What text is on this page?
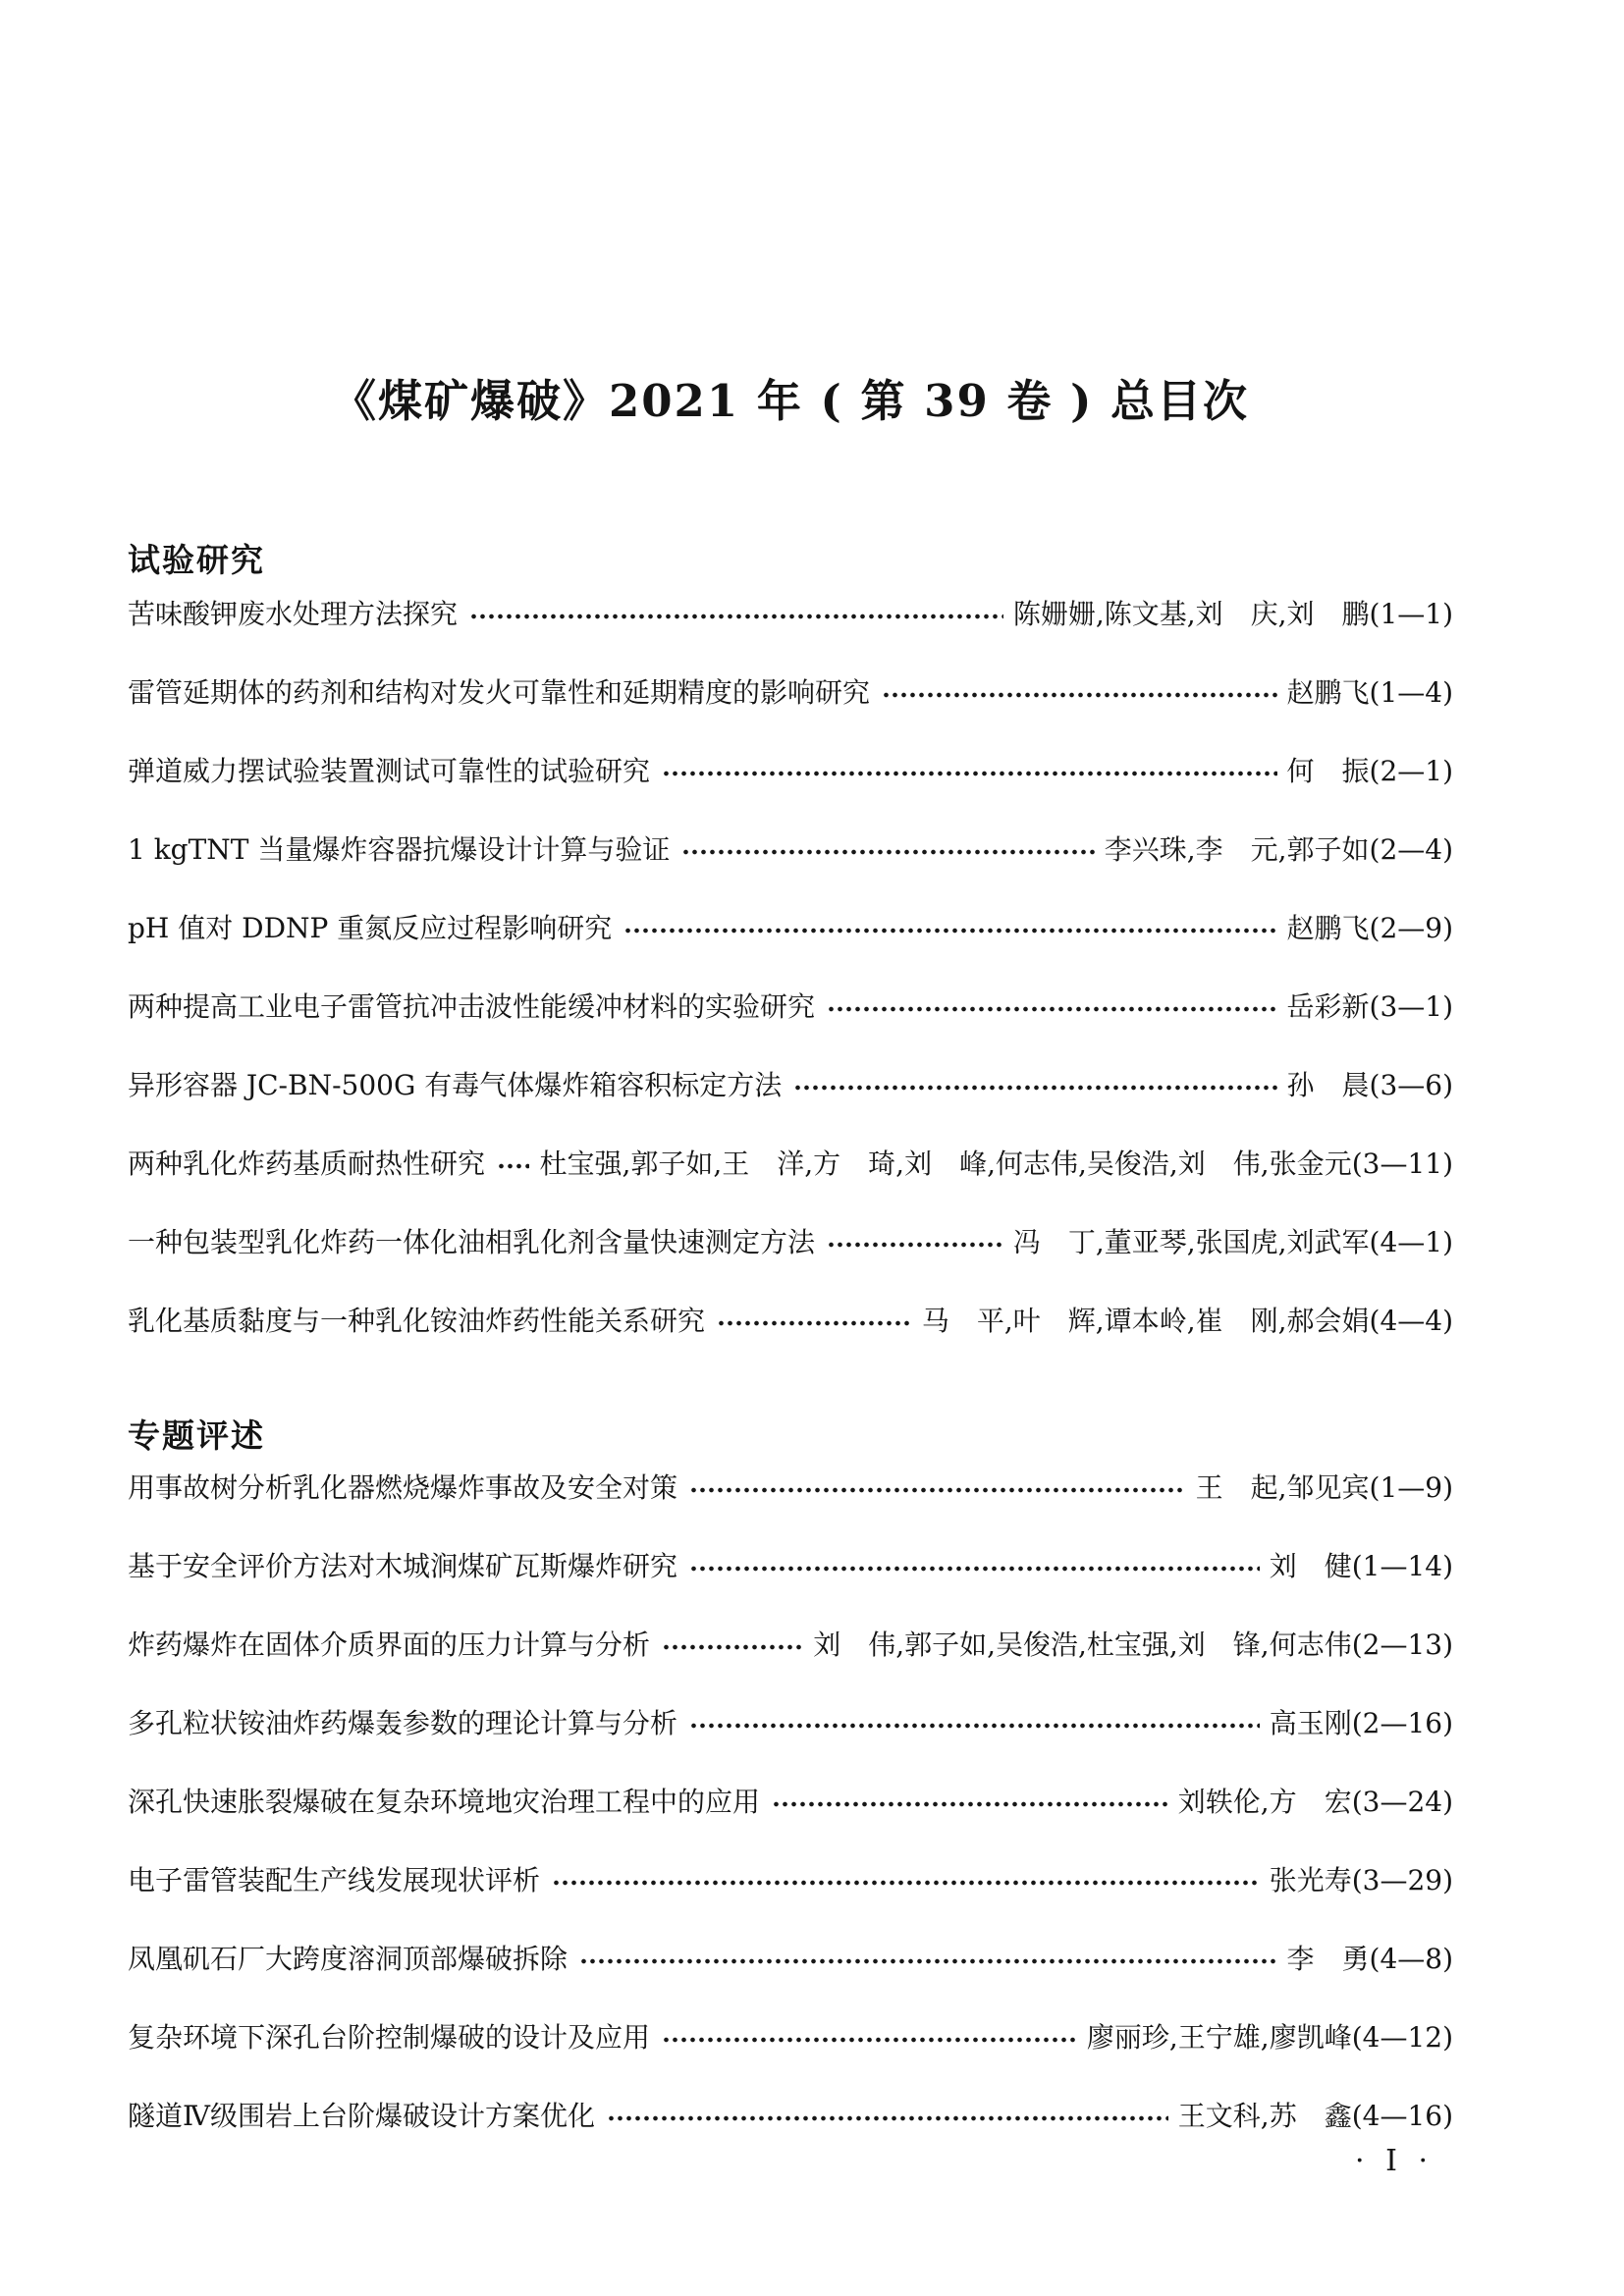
《煤矿爆破》2021 年 ( 第 39 卷 ) 总目次
试验研究
苦味酸钾废水处理方法探究	陈姗姗,陈文基,刘　庆,刘　鹏 (1—1)
雷管延期体的药剂和结构对发火可靠性和延期精度的影响研究	赵鹏飞 (1—4)
弹道威力摆试验装置测试可靠性的试验研究	何　振 (2—1)
1 kgTNT 当量爆炸容器抗爆设计计算与验证	李兴珠,李　元,郭子如 (2—4)
pH 值对 DDNP 重氮反应过程影响研究	赵鹏飞 (2—9)
两种提高工业电子雷管抗冲击波性能缓冲材料的实验研究	岳彩新 (3—1)
异形容器 JC-BN-500G 有毒气体爆炸箱容积标定方法	孙　晨 (3—6)
两种乳化炸药基质耐热性研究 杜宝强,郭子如,王　洋,方　琦,刘　峰,何志伟,吴俊浩,刘　伟,张金元 (3—11)
一种包装型乳化炸药一体化油相乳化剂含量快速测定方法	冯　丁,董亚琴,张国虎,刘武军 (4—1)
乳化基质黏度与一种乳化铵油炸药性能关系研究	马　平,叶　辉,谭本岭,崔　刚,郝会娟 (4—4)
专题评述
用事故树分析乳化器燃烧爆炸事故及安全对策	王　起,邹见宾 (1—9)
基于安全评价方法对木城涧煤矿瓦斯爆炸研究	刘　健 (1—14)
炸药爆炸在固体介质界面的压力计算与分析	刘　伟,郭子如,吴俊浩,杜宝强,刘　锋,何志伟 (2—13)
多孔粒状铵油炸药爆轰参数的理论计算与分析	高玉刚 (2—16)
深孔快速胀裂爆破在复杂环境地灾治理工程中的应用	刘轶伦,方　宏 (3—24)
电子雷管装配生产线发展现状评析	张光寿 (3—29)
凤凰矶石厂大跨度溶洞顶部爆破拆除	李　勇 (4—8)
复杂环境下深孔台阶控制爆破的设计及应用	廖丽珍,王宁雄,廖凯峰 (4—12)
隧道Ⅳ级围岩上台阶爆破设计方案优化	王文科,苏　鑫 (4—16)
· Ⅰ ·
